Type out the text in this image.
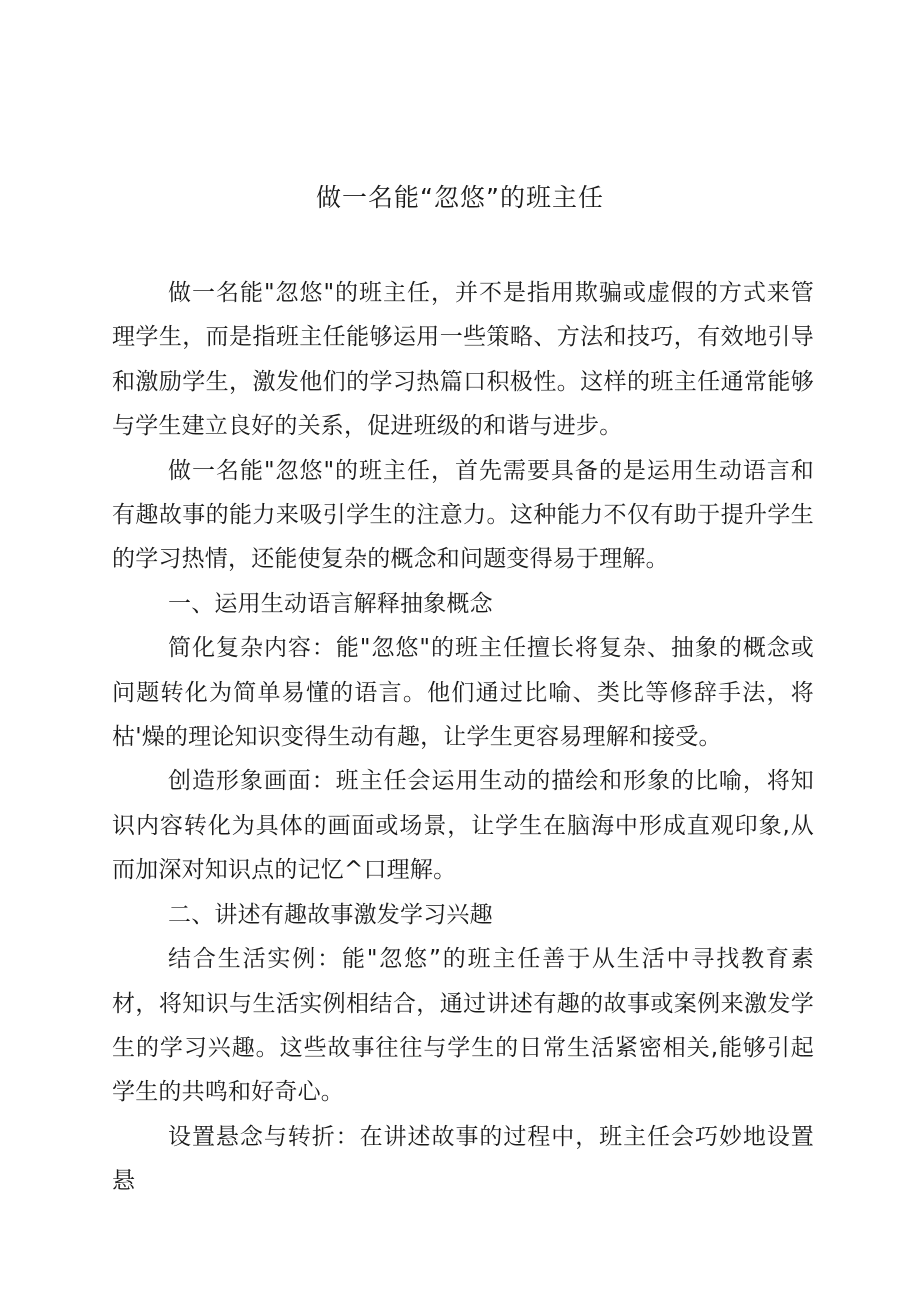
做一名能“忽悠”的班主任

做一名能"忽悠"的班主任，并不是指用欺骗或虚假的方式来管理学生，而是指班主任能够运用一些策略、方法和技巧，有效地引导和激励学生，激发他们的学习热篇口积极性。这样的班主任通常能够与学生建立良好的关系，促进班级的和谐与进步。

做一名能"忽悠"的班主任，首先需要具备的是运用生动语言和有趣故事的能力来吸引学生的注意力。这种能力不仅有助于提升学生的学习热情，还能使复杂的概念和问题变得易于理解。

一、运用生动语言解释抽象概念

简化复杂内容：能"忽悠"的班主任擅长将复杂、抽象的概念或问题转化为简单易懂的语言。他们通过比喻、类比等修辞手法，将枯'燥的理论知识变得生动有趣，让学生更容易理解和接受。

创造形象画面：班主任会运用生动的描绘和形象的比喻，将知识内容转化为具体的画面或场景，让学生在脑海中形成直观印象,从而加深对知识点的记忆^口理解。

二、讲述有趣故事激发学习兴趣

结合生活实例：能"忽悠”的班主任善于从生活中寻找教育素材，将知识与生活实例相结合，通过讲述有趣的故事或案例来激发学生的学习兴趣。这些故事往往与学生的日常生活紧密相关,能够引起学生的共鸣和好奇心。

设置悬念与转折：在讲述故事的过程中，班主任会巧妙地设置悬
